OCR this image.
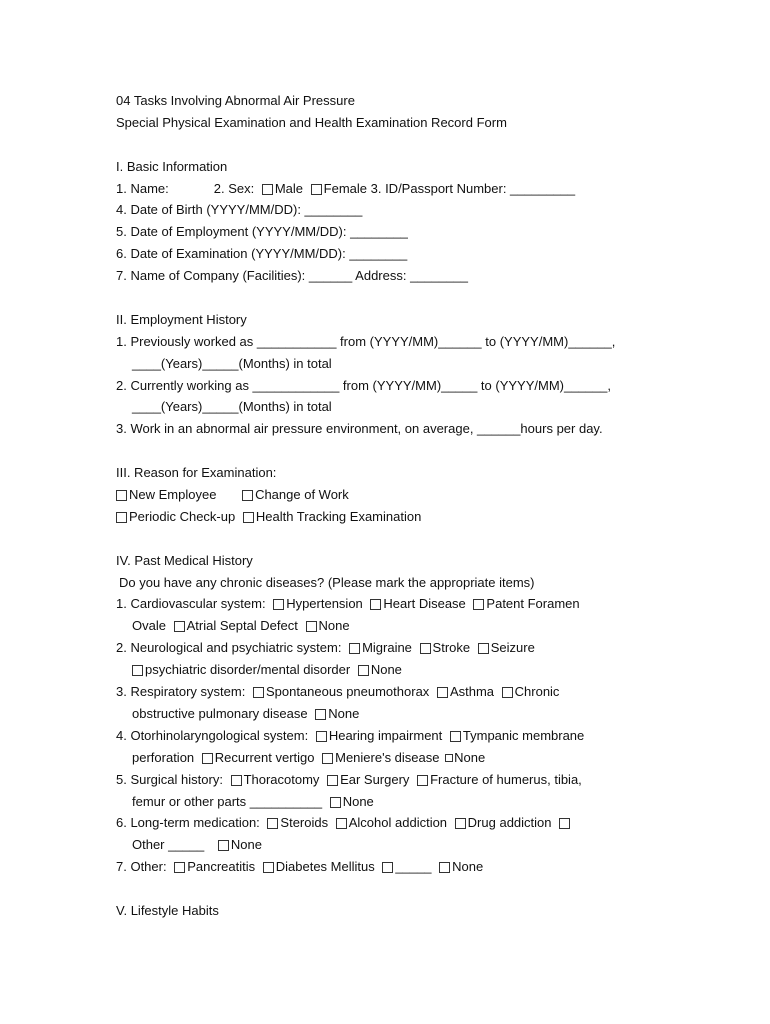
04 Tasks Involving Abnormal Air Pressure
Special Physical Examination and Health Examination Record Form
I. Basic Information
1. Name:	2. Sex: Male Female 3. ID/Passport Number: _________
4. Date of Birth (YYYY/MM/DD): ________
5. Date of Employment (YYYY/MM/DD): ________
6. Date of Examination (YYYY/MM/DD): ________
7. Name of Company (Facilities): ______ Address: ________
II. Employment History
1. Previously worked as ___________ from (YYYY/MM)______ to (YYYY/MM)______,
____(Years)_____(Months) in total
2. Currently working as ____________ from (YYYY/MM)_____ to (YYYY/MM)______,
____(Years)_____(Months) in total
3. Work in an abnormal air pressure environment, on average, ______hours per day.
III. Reason for Examination:
New Employee	Change of Work
Periodic Check-up Health Tracking Examination
IV. Past Medical History
Do you have any chronic diseases? (Please mark the appropriate items)
1. Cardiovascular system: Hypertension Heart Disease Patent Foramen
Ovale Atrial Septal Defect None
2. Neurological and psychiatric system: Migraine Stroke Seizure
psychiatric disorder/mental disorder None
3. Respiratory system: Spontaneous pneumothorax Asthma Chronic
obstructive pulmonary disease None
4. Otorhinolaryngological system: Hearing impairment Tympanic membrane
perforation Recurrent vertigo Meniere's disease None
5. Surgical history: Thoracotomy Ear Surgery Fracture of humerus, tibia,
femur or other parts __________ None
6. Long-term medication: Steroids Alcohol addiction Drug addiction
Other _____ None
7. Other: Pancreatitis Diabetes Mellitus _____ None
V. Lifestyle Habits
